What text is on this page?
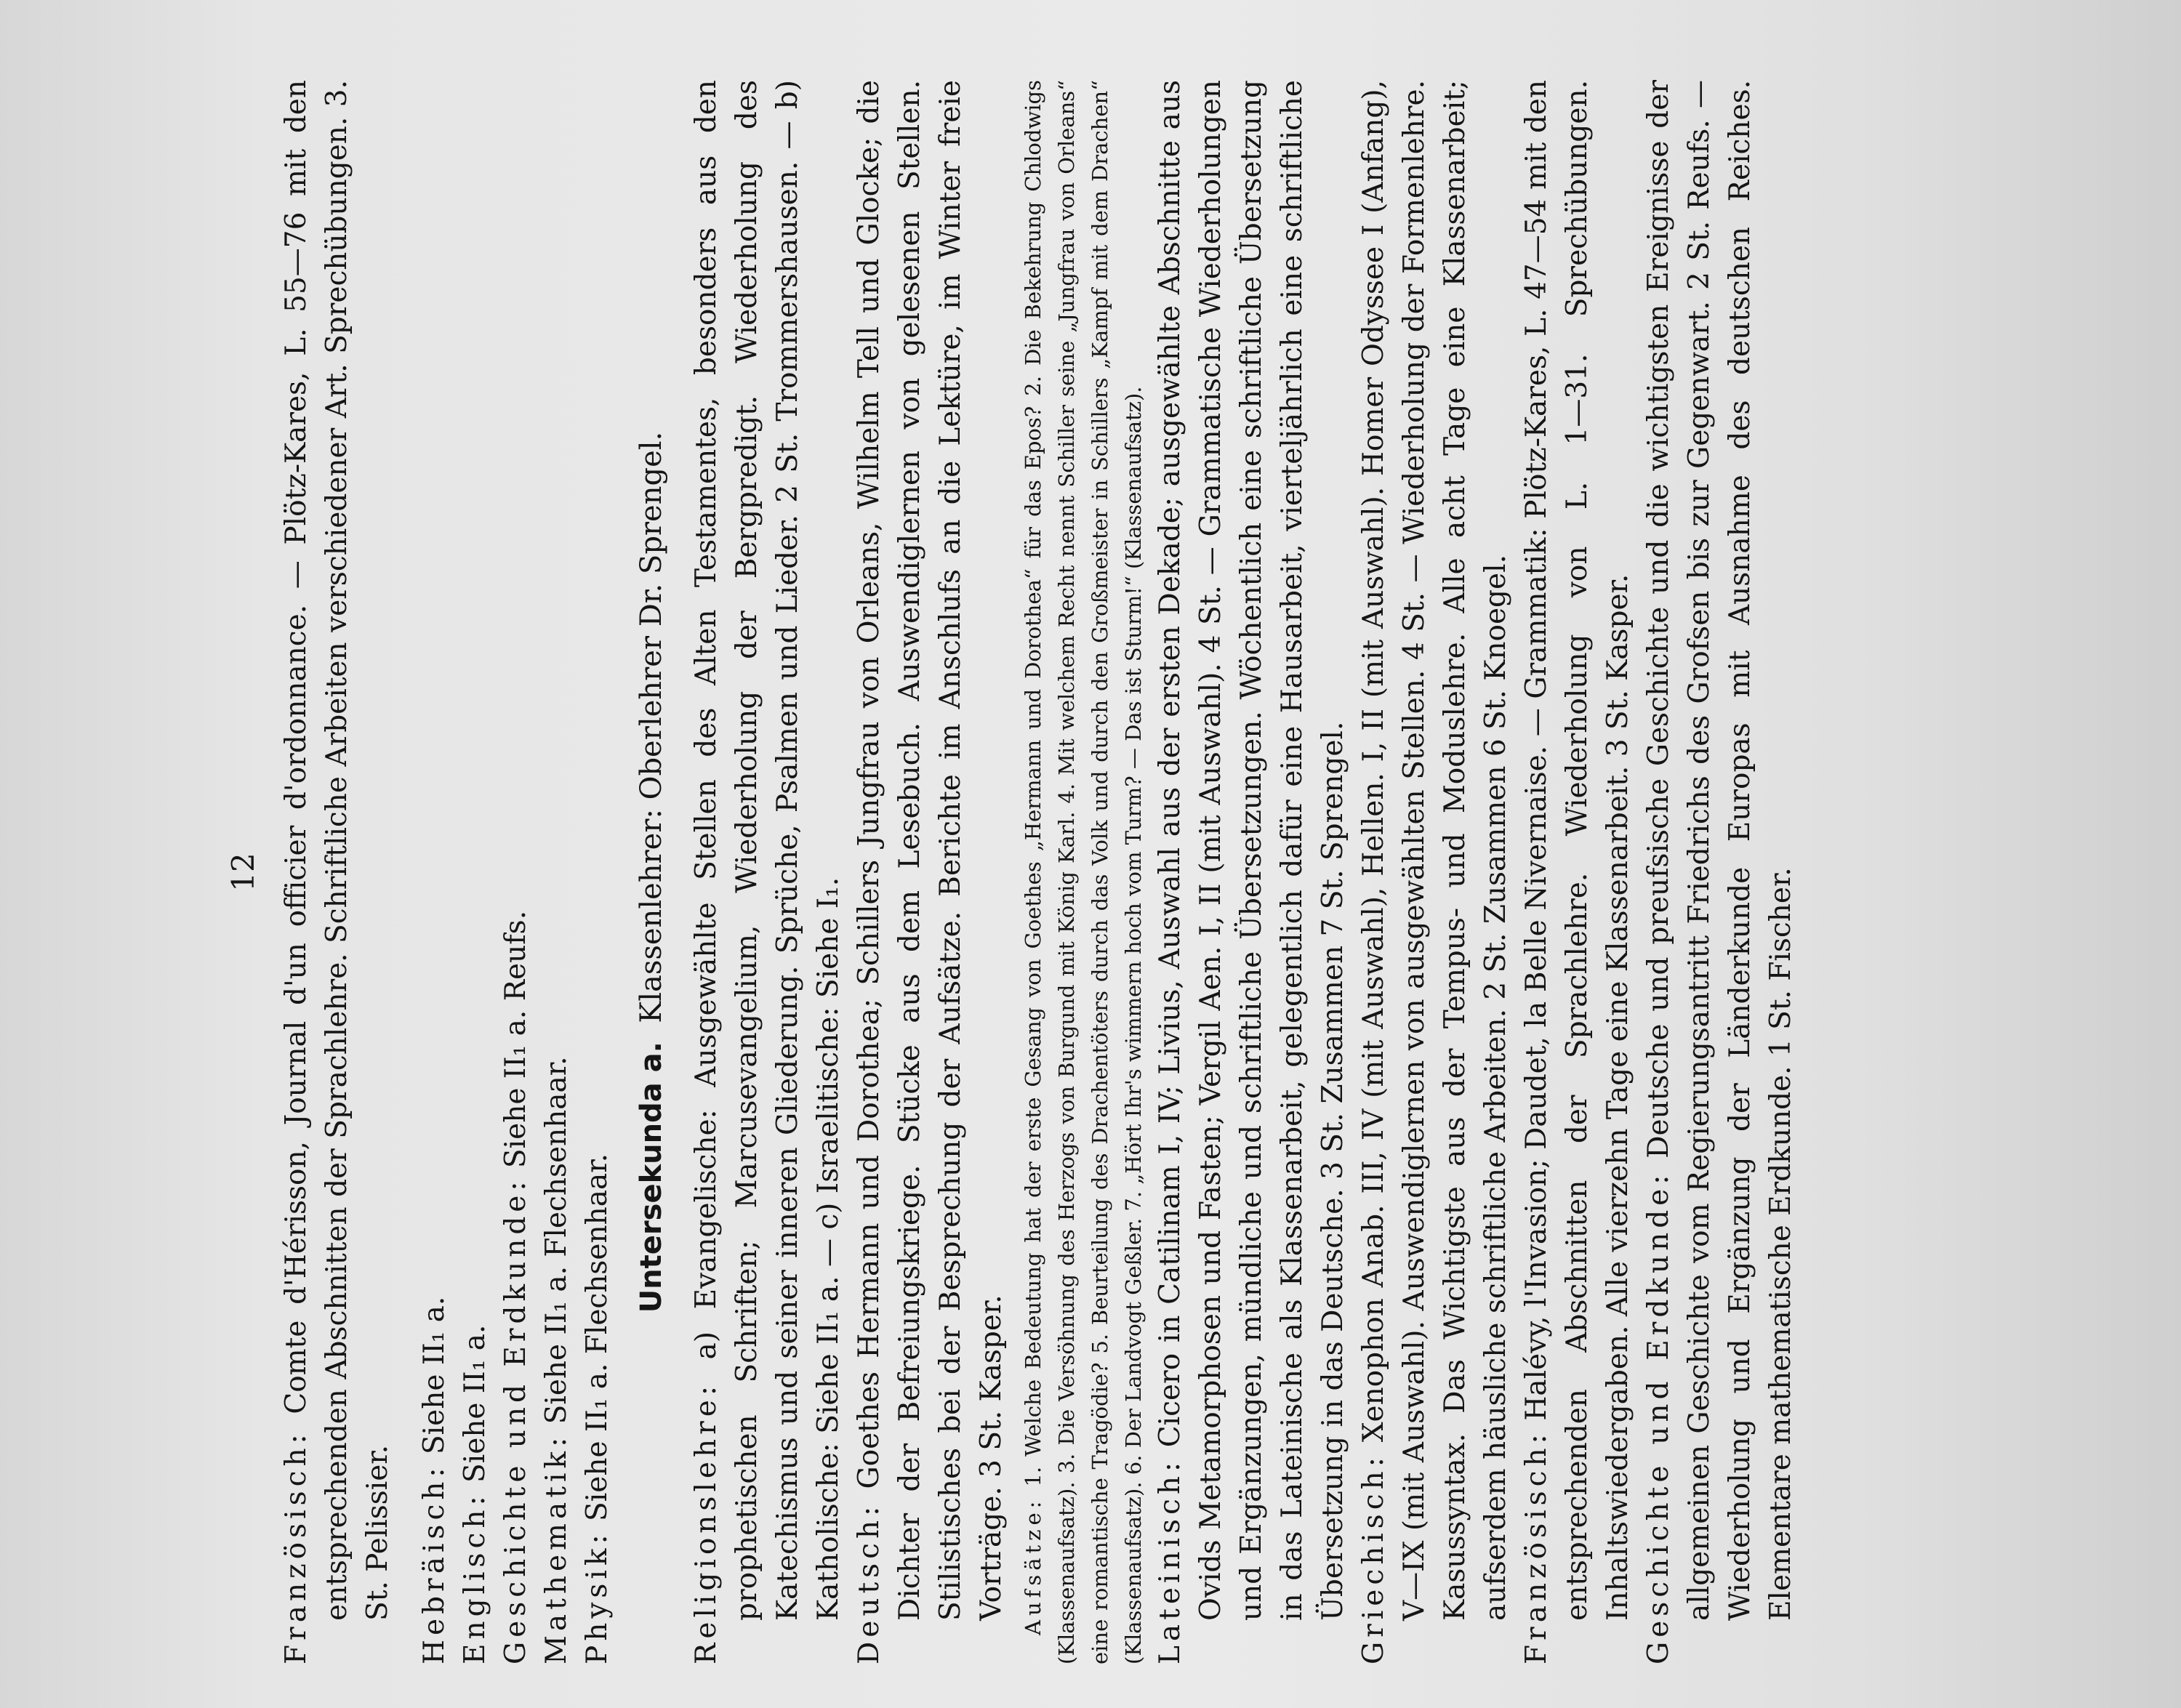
12

Französisch: Comte d'Hérisson, Journal d'un officier d'ordonnance. — Plötz-Kares, L. 55—76 mit den entsprechenden Abschnitten der Sprachlehre. Schriftliche Arbeiten verschiedener Art. Sprechübungen. 3. St. Pelissier. Hebräisch: Siehe II₁ a.

Englisch: Siehe II₁ a. Geschichte und Erdkunde: Siehe II₁ a. Reufs.

Mathematik: Siehe II₁ a. Flechsenhaar.

Physik: Siehe II₁ a. Flechsenhaar. Untersekunda a.  Klassenlehrer: Oberlehrer Dr. Sprengel.

Religionslehre: a) Evangelische: Ausgewählte Stellen des Alten Testamentes, besonders aus den prophetischen Schriften; Marcusevangelium, Wiederholung der Bergpredigt. Wiederholung des Katechismus und seiner inneren Gliederung. Sprüche, Psalmen und Lieder. 2 St. Trommershausen. — b) Katholische: Siehe II₁ a. — c) Israelitische: Siehe I₁. Deutsch: Goethes Hermann und Dorothea; Schillers Jungfrau von Orleans, Wilhelm Tell und Glocke; die Dichter der Befreiungskriege. Stücke aus dem Lesebuch. Auswendiglernen von gelesenen Stellen. Stilistisches bei der Besprechung der Aufsätze. Berichte im Anschlufs an die Lektüre, im Winter freie Vorträge. 3 St. Kasper. Aufsätze: 1. Welche Bedeutung hat der erste Gesang von Goethes „Hermann und Dorothea“ für das Epos? 2. Die Bekehrung Chlodwigs (Klassenaufsatz). 3. Die Versöhnung des Herzogs von Burgund mit König Karl. 4. Mit welchem Recht nennt Schiller seine „Jungfrau von Orleans“ eine romantische Tragödie? 5. Beurteilung des Drachentöters durch das Volk und durch den Großmeister in Schillers „Kampf mit dem Drachen“ (Klassenaufsatz). 6. Der Landvogt Geßler. 7. „Hört Ihr's wimmern hoch vom Turm? — Das ist Sturm!“ (Klassenaufsatz). Lateinisch: Cicero in Catilinam I, IV; Livius, Auswahl aus der ersten Dekade; ausgewählte Abschnitte aus Ovids Metamorphosen und Fasten; Vergil Aen. I, II (mit Auswahl). 4 St. — Grammatische Wiederholungen und Ergänzungen, mündliche und schriftliche Übersetzungen. Wöchentlich eine schriftliche Übersetzung in das Lateinische als Klassenarbeit, gelegentlich dafür eine Hausarbeit, vierteljährlich eine schriftliche Übersetzung in das Deutsche. 3 St. Zusammen 7 St. Sprengel. Griechisch: Xenophon Anab. III, IV (mit Auswahl), Hellen. I, II (mit Auswahl). Homer Odyssee I (Anfang), V—IX (mit Auswahl). Auswendiglernen von ausgewählten Stellen. 4 St. — Wiederholung der Formenlehre. Kasussyntax. Das Wichtigste aus der Tempus- und Moduslehre. Alle acht Tage eine Klassenarbeit; aufserdem häusliche schriftliche Arbeiten. 2 St. Zusammen 6 St. Knoegel. Französisch: Halévy, l'Invasion; Daudet, la Belle Nivernaise. — Grammatik: Plötz-Kares, L. 47—54 mit den entsprechenden Abschnitten der Sprachlehre. Wiederholung von L. 1—31. Sprechübungen. Inhaltswiedergaben. Alle vierzehn Tage eine Klassenarbeit. 3 St. Kasper. Geschichte und Erdkunde: Deutsche und preufsische Geschichte und die wichtigsten Ereignisse der allgemeinen Geschichte vom Regierungsantritt Friedrichs des Grofsen bis zur Gegenwart. 2 St. Reufs. — Wiederholung und Ergänzung der Länderkunde Europas mit Ausnahme des deutschen Reiches. Elementare mathematische Erdkunde. 1 St. Fischer.
